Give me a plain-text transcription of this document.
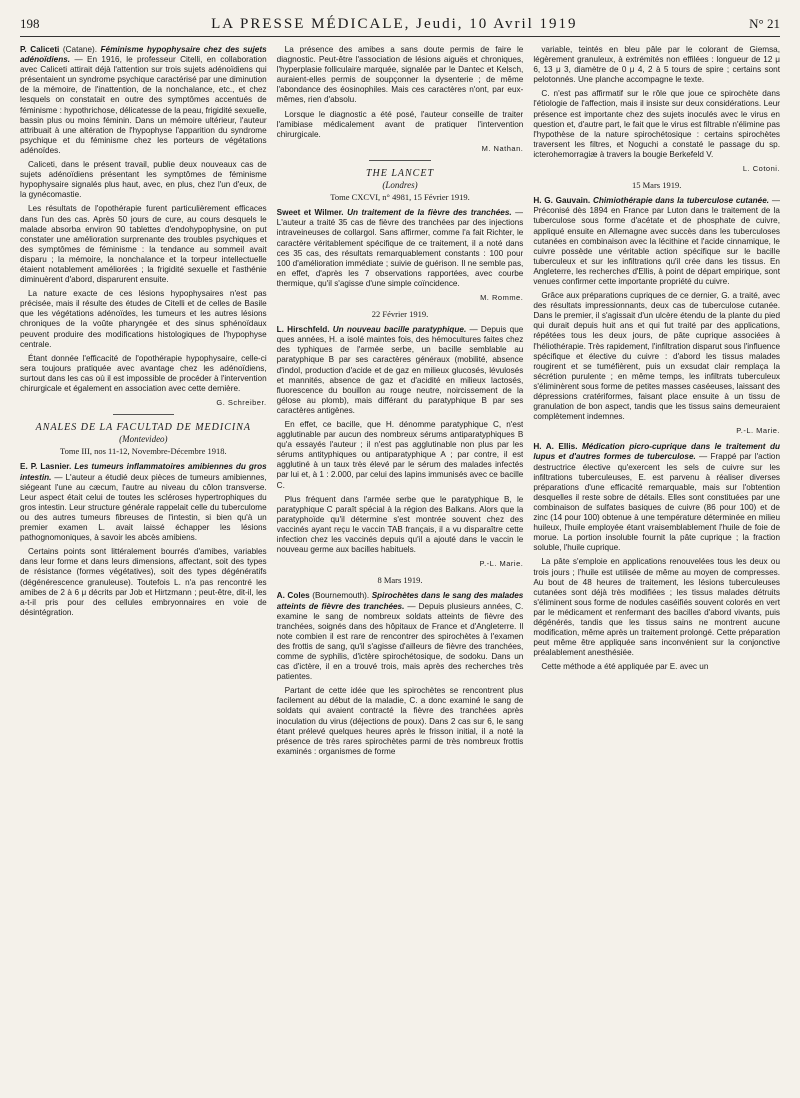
198	LA PRESSE MÉDICALE, Jeudi, 10 Avril 1919	N° 21

P. Caliceti (Catane). Féminisme hypophysaire chez des sujets adénoïdiens. — En 1916, le professeur Citelli, en collaboration avec Caliceti attirait déjà l'attention sur trois sujets adénoïdiens qui présentaient un syndrome psychique caractérisé par une diminution de la mémoire, de l'inattention, de la nonchalance, etc., et chez lesquels on constatait en outre des symptômes accentués de féminisme : hypothrichose, délicatesse de la peau, frigidité sexuelle, bassin plus ou moins féminin. Dans un mémoire ultérieur, l'auteur attribuait à une altération de l'hypophyse l'apparition du syndrome psychique et du féminisme chez les porteurs de végétations adénoïdes.

Caliceti, dans le présent travail, publie deux nouveaux cas de sujets adénoïdiens présentant les symptômes de féminisme hypophysaire signalés plus haut, avec, en plus, chez l'un d'eux, de la gynécomastie.

Les résultats de l'opothérapie furent particulièrement efficaces dans l'un des cas. Après 50 jours de cure, au cours desquels le malade absorba environ 90 tablettes d'endohypophysine, on put constater une amélioration surprenante des troubles psychiques et des symptômes de féminisme : la tendance au sommeil avait disparu ; la mémoire, la nonchalance et la torpeur intellectuelle étaient notablement améliorées ; la frigidité sexuelle et l'asthénie diminuèrent d'abord, disparurent ensuite.

La nature exacte de ces lésions hypophysaires n'est pas précisée, mais il résulte des études de Citelli et de celles de Basile que les végétations adénoïdes, les tumeurs et les autres lésions chroniques de la voûte pharyngée et des sinus sphénoïdaux peuvent produire des modifications histologiques de l'hypophyse centrale.

Étant donnée l'efficacité de l'opothérapie hypophysaire, celle-ci sera toujours pratiquée avec avantage chez les adénoïdiens, surtout dans les cas où il est impossible de procéder à l'intervention chirurgicale et également en association avec cette dernière.

G. Schreiber.
ANALES DE LA FACULTAD DE MEDICINA
(Montevideo)
Tome III, nos 11-12, Novembre-Décembre 1918.

E. P. Lasnier. Les tumeurs inflammatoires amibiennes du gros intestin. — L'auteur a étudié deux pièces de tumeurs amibiennes, siégeant l'une au cæcum, l'autre au niveau du côlon transverse. Leur aspect était celui de toutes les scléroses hypertrophiques du gros intestin. Leur structure générale rappelait celle du tuberculome ou des autres tumeurs fibreuses de l'intestin, si bien qu'à un premier examen L. avait laissé échapper les lésions pathognomoniques, à savoir les abcès amibiens.

Certains points sont littéralement bourrés d'amibes, variables dans leur forme et dans leurs dimensions, affectant, soit des types de résistance (formes végétatives), soit des types dégénératifs (dégénérescence granuleuse). Toutefois L. n'a pas rencontré les amibes de 2 à 6 μ décrits par Job et Hirtzmann ; peut-être, dit-il, les a-t-il pris pour des cellules embryonnaires en voie de désintégration.

La présence des amibes a sans doute permis de faire le diagnostic. Peut-être l'association de lésions aiguës et chroniques, l'hyperplasie folliculaire marquée, signalée par le Dantec et Kelsch, auraient-elles permis de soupçonner la dysenterie ; de même l'abondance des éosinophiles. Mais ces caractères n'ont, par eux-mêmes, rien d'absolu.

Lorsque le diagnostic a été posé, l'auteur conseille de traiter l'amibiase médicalement avant de pratiquer l'intervention chirurgicale.

M. Nathan.
THE LANCET
(Londres)
Tome CXCVI, n° 4981, 15 Février 1919.

Sweet et Wilmer. Un traitement de la fièvre des tranchées. — L'auteur a traité 35 cas de fièvre des tranchées par des injections intraveineuses de collargol. Sans affirmer, comme l'a fait Richter, le caractère véritablement spécifique de ce traitement, il a noté dans ces 35 cas, des résultats remarquablement constants : 100 pour 100 d'amélioration immédiate ; suivie de guérison. Il ne semble pas, en effet, d'après les 7 observations rapportées, avec courbe thermique, qu'il s'agisse d'une simple coïncidence.

M. Romme.
22 Février 1919.

L. Hirschfeld. Un nouveau bacille paratyphique. — Depuis que ques années, H. a isolé maintes fois, des hémocultures faites chez des typhiques de l'armée serbe, un bacille semblable au paratyphique B par ses caractères généraux (mobilité, absence d'indol, production d'acide et de gaz en milieux glucosés, lévulosés et mannités, absence de gaz et d'acidité en milieux lactosés, fluorescence du bouillon au rouge neutre, noircissement de la gélose au plomb), mais différant du paratyphique B par ses caractères antigènes.

En effet, ce bacille, que H. dénomme paratyphique C, n'est agglutinable par aucun des nombreux sérums antiparatyphiques B qu'a essayés l'auteur ; il n'est pas agglutinable non plus par les sérums antityphiques ou antiparatyphique A ; par contre, il est agglutiné à un taux très élevé par le sérum des malades infectés par lui et, à 1 : 2.000, par celui des lapins immunisés avec ce bacille C.

Plus fréquent dans l'armée serbe que le paratyphique B, le paratyphique C paraît spécial à la région des Balkans. Alors que la paratyphoïde qu'il détermine s'est montrée souvent chez des vaccinés ayant reçu le vaccin TAB français, il a vu disparaître cette infection chez les vaccinés depuis qu'il a ajouté dans le vaccin le nouveau germe aux bacilles habituels.

P.-L. Marie.
8 Mars 1919.

A. Coles (Bournemouth). Spirochètes dans le sang des malades atteints de fièvre des tranchées. — Depuis plusieurs années, C. examine le sang de nombreux soldats atteints de fièvre des tranchées, soignés dans des hôpitaux de France et d'Angleterre. Il note combien il est rare de rencontrer des spirochètes à l'examen des frottis de sang, qu'il s'agisse d'ailleurs de fièvre des tranchées, comme de syphilis, d'ictère spirochétosique, de sodoku. Dans un cas d'ictère, il en a trouvé trois, mais après des recherches très patientes.

Partant de cette idée que les spirochètes se rencontrent plus facilement au début de la maladie, C. a donc examiné le sang de soldats qui avaient contracté la fièvre des tranchées après inoculation du virus (déjections de poux). Dans 2 cas sur 6, le sang étant prélevé quelques heures après le frisson initial, il a noté la présence de très rares spirochètes parmi de très nombreux frottis examinés : organismes de forme

variable, teintés en bleu pâle par le colorant de Giemsa, légèrement granuleux, à extrémités non effilées : longueur de 12 μ 6, 13 μ 3, diamètre de 0 μ 4, 2 à 5 tours de spire ; certains sont pelotonnés. Une planche accompagne le texte.

C. n'est pas affirmatif sur le rôle que joue ce spirochète dans l'étiologie de l'affection, mais il insiste sur deux considérations. Leur présence est importante chez des sujets inoculés avec le virus en question et, d'autre part, le fait que le virus est filtrable n'élimine pas l'hypothèse de la nature spirochétosique : certains spirochètes traversent les filtres, et Noguchi a constaté le passage du sp. icterohemorragiæ à travers la bougie Berkefeld V.

L. Cotoni.
15 Mars 1919.

H. G. Gauvain. Chimiothérapie dans la tuberculose cutanée. — Préconisé dès 1894 en France par Luton dans le traitement de la tuberculose sous forme d'acétate et de phosphate de cuivre, appliqué ensuite en Allemagne avec succès dans les tuberculoses cutanées en combinaison avec la lécithine et l'acide cinnamique, le cuivre possède une véritable action spécifique sur le bacille tuberculeux et sur les infiltrations qu'il crée dans les tissus. En Angleterre, les recherches d'Ellis, à point de départ empirique, sont venues confirmer cette importante propriété du cuivre.

Grâce aux préparations cupriques de ce dernier, G. a traité, avec des résultats impressionnants, deux cas de tuberculose cutanée. Dans le premier, il s'agissait d'un ulcère étendu de la plante du pied qui durait depuis huit ans et qui fut traité par des applications, répétées tous les deux jours, de pâte cuprique associées à l'héliothérapie. Très rapidement, l'infiltration disparut sous l'influence spécifique et élective du cuivre : d'abord les tissus malades rougirent et se tuméfièrent, puis un exsudat clair remplaça la sécrétion purulente ; en même temps, les infiltrats tuberculeux s'éliminèrent sous forme de petites masses caséeuses, laissant des dépressions cratériformes, faisant place ensuite à un tissu de granulation de bon aspect, tandis que les tissus sains demeuraient complètement indemnes.

P.-L. Marie.

H. A. Ellis. Médication picro-cuprique dans le traitement du lupus et d'autres formes de tuberculose. — Frappé par l'action destructrice élective qu'exercent les sels de cuivre sur les infiltrations tuberculeuses, E. est parvenu à réaliser diverses préparations d'une efficacité remarquable, mais sur l'obtention desquelles il reste sobre de détails. Elles sont constituées par une combinaison de sulfates basiques de cuivre (86 pour 100) et de zinc (14 pour 100) obtenue à une température déterminée en milieu huileux, l'huile employée étant vraisemblablement l'huile de foie de morue. La portion insoluble fournit la pâte cuprique ; la fraction soluble, l'huile cuprique.

La pâte s'emploie en applications renouvelées tous les deux ou trois jours ; l'huile est utilisée de même au moyen de compresses. Au bout de 48 heures de traitement, les lésions tuberculeuses cutanées sont déjà très modifiées ; les tissus malades détruits s'éliminent sous forme de nodules caséifiés souvent colorés en vert par le médicament et renfermant des bacilles d'abord vivants, puis dégénérés, tandis que les tissus sains ne montrent aucune modification, même après un traitement prolongé. Cette préparation peut même être appliquée sans inconvénient sur la conjonctive préalablement anesthésiée.

Cette méthode a été appliquée par E. avec un
